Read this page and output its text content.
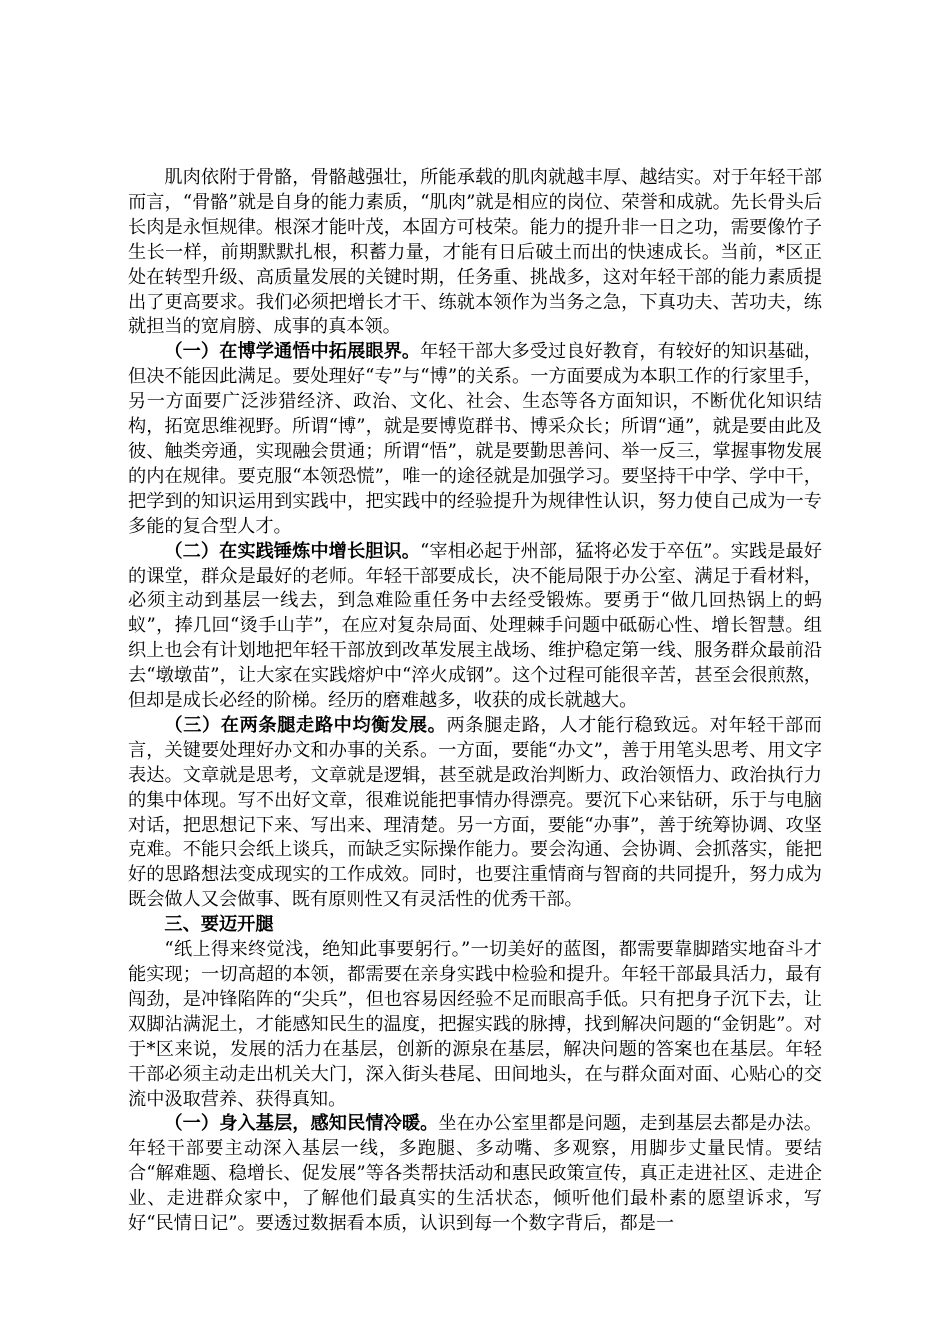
肌肉依附于骨骼，骨骼越强壮，所能承载的肌肉就越丰厚、越结实。对于年轻干部而言，“骨骼”就是自身的能力素质，“肌肉”就是相应的岗位、荣誉和成就。先长骨头后长肉是永恒规律。根深才能叶茂，本固方可枝荣。能力的提升非一日之功，需要像竹子生长一样，前期默默扎根，积蓄力量，才能有日后破土而出的快速成长。当前，*区正处在转型升级、高质量发展的关键时期，任务重、挑战多，这对年轻干部的能力素质提出了更高要求。我们必须把增长才干、练就本领作为当务之急，下真功夫、苦功夫，练就担当的宽肩膀、成事的真本领。

（一）在博学通悟中拓展眼界。年轻干部大多受过良好教育，有较好的知识基础，但决不能因此满足。要处理好“专”与“博”的关系。一方面要成为本职工作的行家里手，另一方面要广泛涉猎经济、政治、文化、社会、生态等各方面知识，不断优化知识结构，拓宽思维视野。所谓“博”，就是要博览群书、博采众长；所谓“通”，就是要由此及彼、触类旁通，实现融会贯通；所谓“悟”，就是要勤思善问、举一反三，掌握事物发展的内在规律。要克服“本领恐慌”，唯一的途径就是加强学习。要坚持干中学、学中干，把学到的知识运用到实践中，把实践中的经验提升为规律性认识，努力使自己成为一专多能的复合型人才。

（二）在实践锤炼中增长胆识。“宰相必起于州部，猛将必发于卒伍”。实践是最好的课堂，群众是最好的老师。年轻干部要成长，决不能局限于办公室、满足于看材料，必须主动到基层一线去，到急难险重任务中去经受锻炼。要勇于“做几回热锅上的蚂蚁”，捧几回“烫手山芋”，在应对复杂局面、处理棘手问题中砥砺心性、增长智慧。组织上也会有计划地把年轻干部放到改革发展主战场、维护稳定第一线、服务群众最前沿去“墩墩苗”，让大家在实践熔炉中“淬火成钢”。这个过程可能很辛苦，甚至会很煎熬，但却是成长必经的阶梯。经历的磨难越多，收获的成长就越大。

（三）在两条腿走路中均衡发展。两条腿走路，人才能行稳致远。对年轻干部而言，关键要处理好办文和办事的关系。一方面，要能“办文”，善于用笔头思考、用文字表达。文章就是思考，文章就是逻辑，甚至就是政治判断力、政治领悟力、政治执行力的集中体现。写不出好文章，很难说能把事情办得漂亮。要沉下心来钻研，乐于与电脑对话，把思想记下来、写出来、理清楚。另一方面，要能“办事”，善于统筹协调、攻坚克难。不能只会纸上谈兵，而缺乏实际操作能力。要会沟通、会协调、会抓落实，能把好的思路想法变成现实的工作成效。同时，也要注重情商与智商的共同提升，努力成为既会做人又会做事、既有原则性又有灵活性的优秀干部。

三、要迈开腿

“纸上得来终觉浅，绝知此事要躬行。”一切美好的蓝图，都需要靠脚踏实地奋斗才能实现；一切高超的本领，都需要在亲身实践中检验和提升。年轻干部最具活力，最有闯劲，是冲锋陷阵的“尖兵”，但也容易因经验不足而眼高手低。只有把身子沉下去，让双脚沾满泥土，才能感知民生的温度，把握实践的脉搏，找到解决问题的“金钥匙”。对于*区来说，发展的活力在基层，创新的源泉在基层，解决问题的答案也在基层。年轻干部必须主动走出机关大门，深入街头巷尾、田间地头，在与群众面对面、心贴心的交流中汲取营养、获得真知。

（一）身入基层，感知民情冷暖。坐在办公室里都是问题，走到基层去都是办法。年轻干部要主动深入基层一线，多跑腿、多动嘴、多观察，用脚步丈量民情。要结合“解难题、稳增长、促发展”等各类帮扶活动和惠民政策宣传，真正走进社区、走进企业、走进群众家中，了解他们最真实的生活状态，倾听他们最朴素的愿望诉求，写好“民情日记”。要透过数据看本质，认识到每一个数字背后，都是一
